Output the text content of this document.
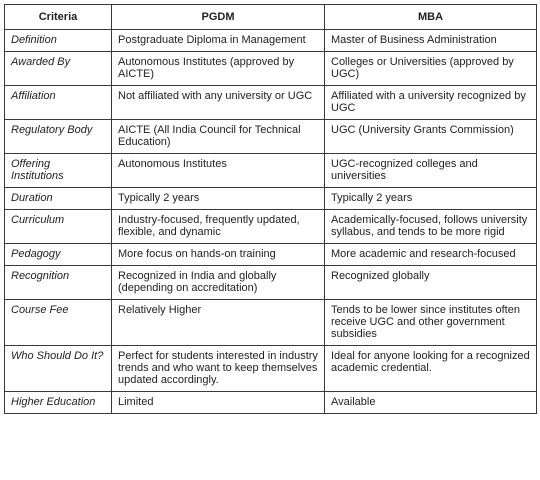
Criteria	PGDM	MBA
Definition	Postgraduate Diploma in Management	Master of Business Administration
Awarded By	Autonomous Institutes (approved by AICTE)	Colleges or Universities (approved by UGC)
Affiliation	Not affiliated with any university or UGC	Affiliated with a university recognized by UGC
Regulatory Body	AICTE (All India Council for Technical Education)	UGC (University Grants Commission)
Offering Institutions	Autonomous Institutes	UGC-recognized colleges and universities
Duration	Typically 2 years	Typically 2 years
Curriculum	Industry-focused, frequently updated, flexible, and dynamic	Academically-focused, follows university syllabus, and tends to be more rigid
Pedagogy	More focus on hands-on training	More academic and research-focused
Recognition	Recognized in India and globally (depending on accreditation)	Recognized globally
Course Fee	Relatively Higher	Tends to be lower since institutes often receive UGC and other government subsidies
Who Should Do It?	Perfect for students interested in industry trends and who want to keep themselves updated accordingly.	Ideal for anyone looking for a recognized academic credential.
Higher Education	Limited	Available
